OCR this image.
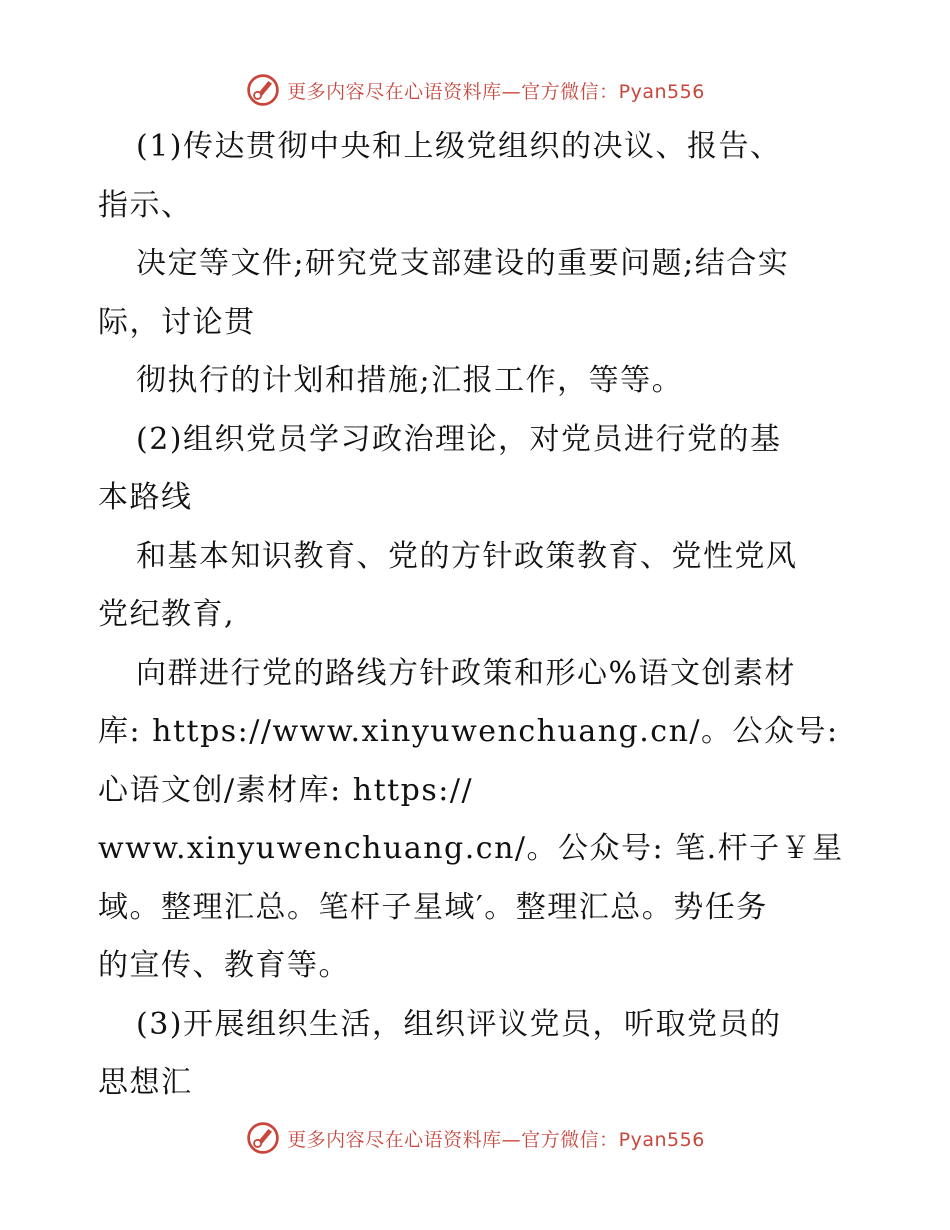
更多内容尽在心语资料库—官方微信：Pyan556
(1)传达贯彻中央和上级党组织的决议、报告、
指示、
决定等文件;研究党支部建设的重要问题;结合实
际，讨论贯
彻执行的计划和措施;汇报工作，等等。
(2)组织党员学习政治理论，对党员进行党的基
本路线
和基本知识教育、党的方针政策教育、党性党风
党纪教育,
向群进行党的路线方针政策和形心%语文创素材
库: https://www.xinyuwenchuang.cn/。公众号:
心语文创/素材库: https://
www.xinyuwenchuang.cn/。公众号: 笔.杆子￥星
域。整理汇总。笔杆子星域′。整理汇总。势任务
的宣传、教育等。
(3)开展组织生活，组织评议党员，听取党员的
思想汇
更多内容尽在心语资料库—官方微信：Pyan556
